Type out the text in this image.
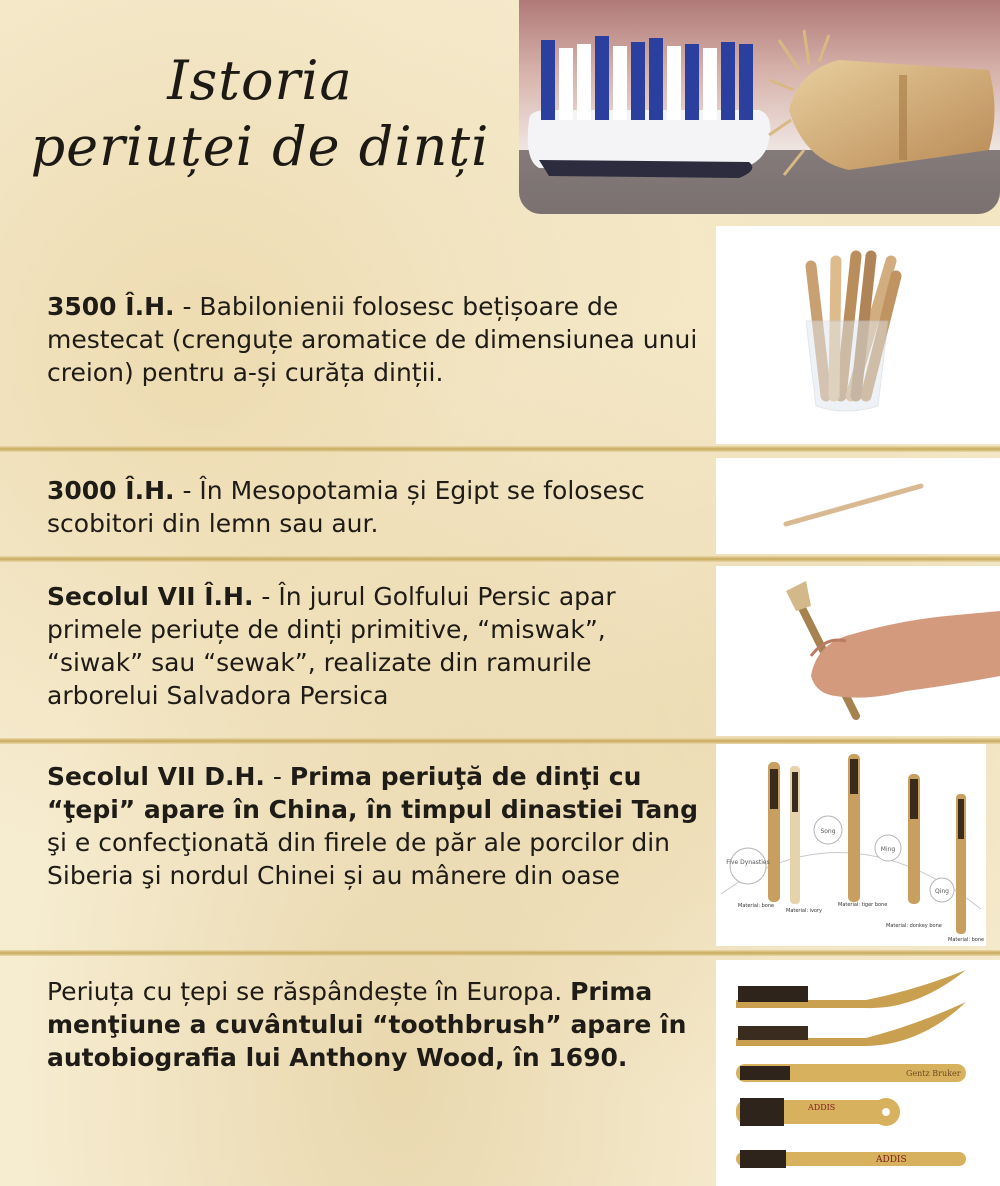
Istoria
periuței de dinți
3500 Î.H. - Babilonienii folosesc bețișoare de mestecat (crenguțe aromatice de dimensiunea unui creion) pentru a-și curăța dinții.
3000 Î.H. - În Mesopotamia și Egipt se folosesc scobitori din lemn sau aur.
Secolul VII Î.H. - În jurul Golfului Persic apar primele periuțe de dinți primitive, “miswak”, “siwak” sau “sewak”, realizate din ramurile arborelui Salvadora Persica
Secolul VII D.H. - Prima periuţă de dinţi cu “ţepi” apare în China, în timpul dinastiei Tang şi e confecţionată din firele de păr ale porcilor din Siberia şi nordul Chinei și au mânere din oase	Five Dynasties
Song
Ming
Qing
Material: bone
Material: ivory
Material: tiger bone
Material: donkey bone
Material: bone
Periuța cu țepi se răspândește în Europa. Prima menţiune a cuvântului “toothbrush” apare în autobiografia lui Anthony Wood, în 1690.
Gentz Bruker
ADDIS
ADDIS
